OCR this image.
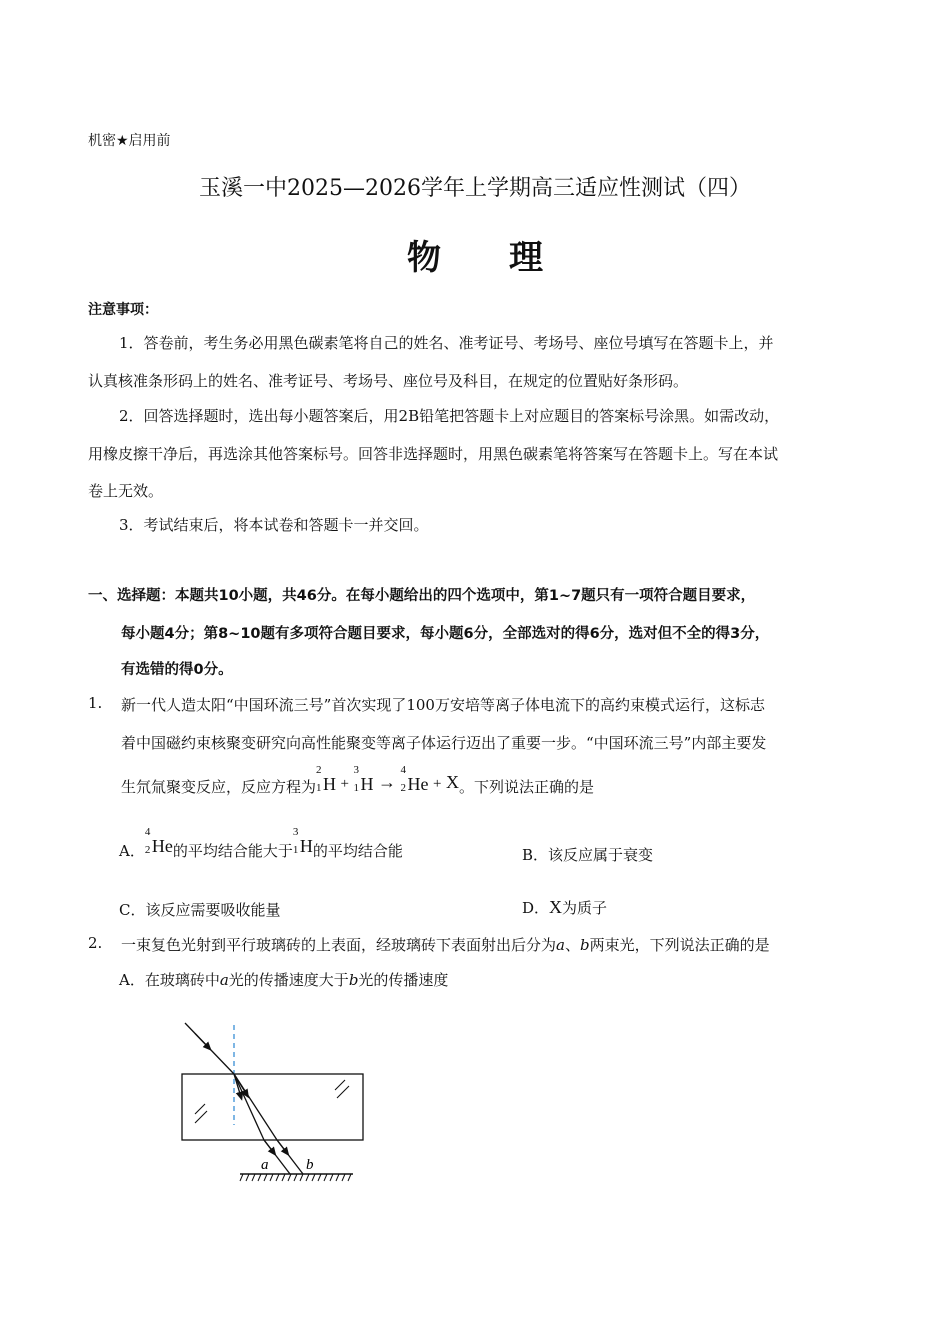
机密★启用前
玉溪一中2025—2026学年上学期高三适应性测试（四）
物　　理
注意事项：
1．答卷前，考生务必用黑色碳素笔将自己的姓名、准考证号、考场号、座位号填写在答题卡上，并
认真核准条形码上的姓名、准考证号、考场号、座位号及科目，在规定的位置贴好条形码。
2．回答选择题时，选出每小题答案后，用2B铅笔把答题卡上对应题目的答案标号涂黑。如需改动，
用橡皮擦干净后，再选涂其他答案标号。回答非选择题时，用黑色碳素笔将答案写在答题卡上。写在本试
卷上无效。
3．考试结束后，将本试卷和答题卡一并交回。
一、选择题：本题共10小题，共46分。在每小题给出的四个选项中，第1~7题只有一项符合题目要求，
每小题4分；第8~10题有多项符合题目要求，每小题6分，全部选对的得6分，选对但不全的得3分，
有选错的得0分。
1. 新一代人造太阳“中国环流三号”首次实现了100万安培等离子体电流下的高约束模式运行，这标志
着中国磁约束核聚变研究向高性能聚变等离子体运行迈出了重要一步。“中国环流三号”内部主要发
生氘氚聚变反应，反应方程为
2
1 H +
3
1 H →
4
2 He + X 。下列说法正确的是
A．
4
2 He 的平均结合能大于
3
1 H 的平均结合能	B．该反应属于衰变
C．该反应需要吸收能量	D． X 为质子
2. 一束复色光射到平行玻璃砖的上表面，经玻璃砖下表面射出后分为a、b两束光，下列说法正确的是
A．在玻璃砖中a光的传播速度大于b光的传播速度
a	b
